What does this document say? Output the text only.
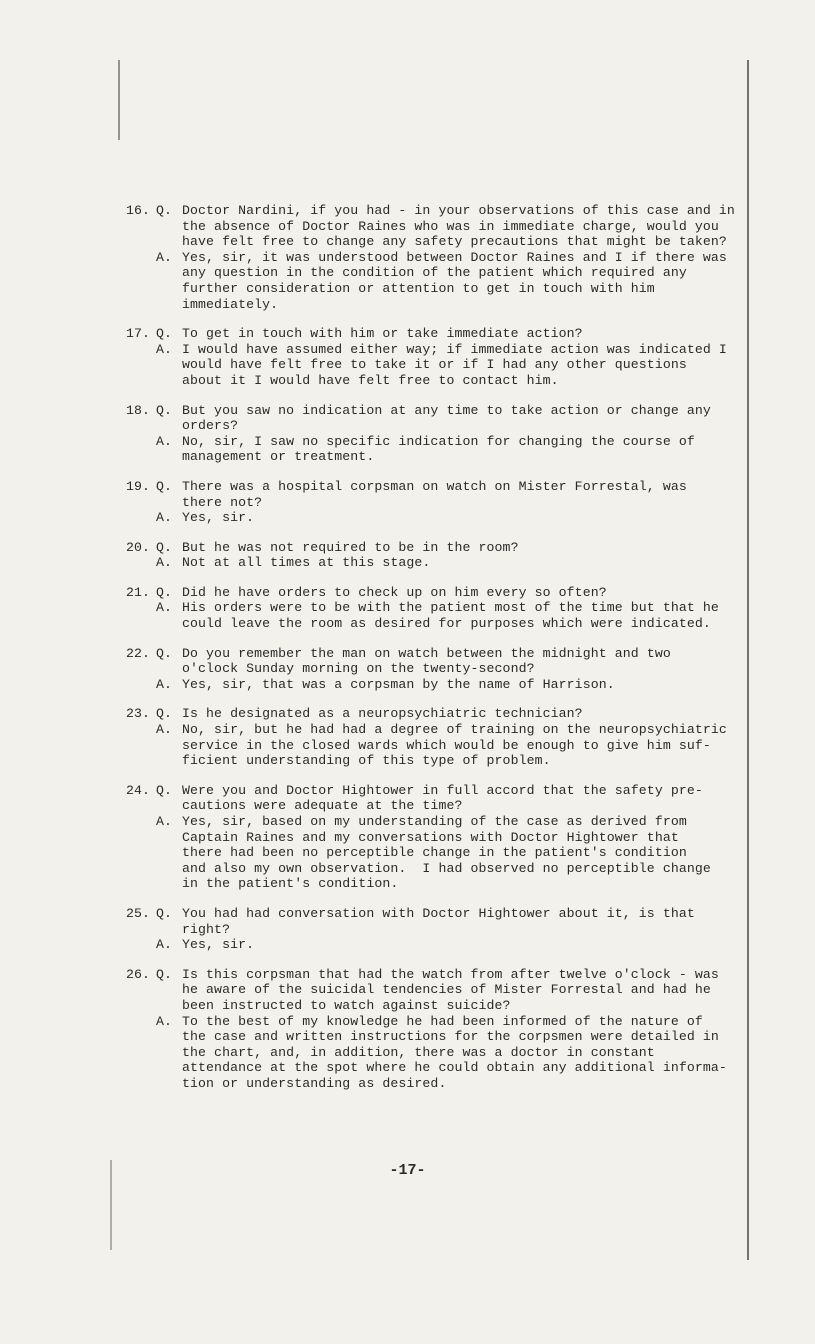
16. Q. Doctor Nardini, if you had - in your observations of this case and in
the absence of Doctor Raines who was in immediate charge, would you
have felt free to change any safety precautions that might be taken?
A. Yes, sir, it was understood between Doctor Raines and I if there was
any question in the condition of the patient which required any
further consideration or attention to get in touch with him
immediately.
17. Q. To get in touch with him or take immediate action?
A. I would have assumed either way; if immediate action was indicated I
would have felt free to take it or if I had any other questions
about it I would have felt free to contact him.
18. Q. But you saw no indication at any time to take action or change any
orders?
A. No, sir, I saw no specific indication for changing the course of
management or treatment.
19. Q. There was a hospital corpsman on watch on Mister Forrestal, was
there not?
A. Yes, sir.
20. Q. But he was not required to be in the room?
A. Not at all times at this stage.
21. Q. Did he have orders to check up on him every so often?
A. His orders were to be with the patient most of the time but that he
could leave the room as desired for purposes which were indicated.
22. Q. Do you remember the man on watch between the midnight and two
o'clock Sunday morning on the twenty-second?
A. Yes, sir, that was a corpsman by the name of Harrison.
23. Q. Is he designated as a neuropsychiatric technician?
A. No, sir, but he had had a degree of training on the neuropsychiatric
service in the closed wards which would be enough to give him suf-
ficient understanding of this type of problem.
24. Q. Were you and Doctor Hightower in full accord that the safety pre-
cautions were adequate at the time?
A. Yes, sir, based on my understanding of the case as derived from
Captain Raines and my conversations with Doctor Hightower that
there had been no perceptible change in the patient's condition
and also my own observation.  I had observed no perceptible change
in the patient's condition.
25. Q. You had had conversation with Doctor Hightower about it, is that
right?
A. Yes, sir.
26. Q. Is this corpsman that had the watch from after twelve o'clock - was
he aware of the suicidal tendencies of Mister Forrestal and had he
been instructed to watch against suicide?
A. To the best of my knowledge he had been informed of the nature of
the case and written instructions for the corpsmen were detailed in
the chart, and, in addition, there was a doctor in constant
attendance at the spot where he could obtain any additional informa-
tion or understanding as desired.
-17-
